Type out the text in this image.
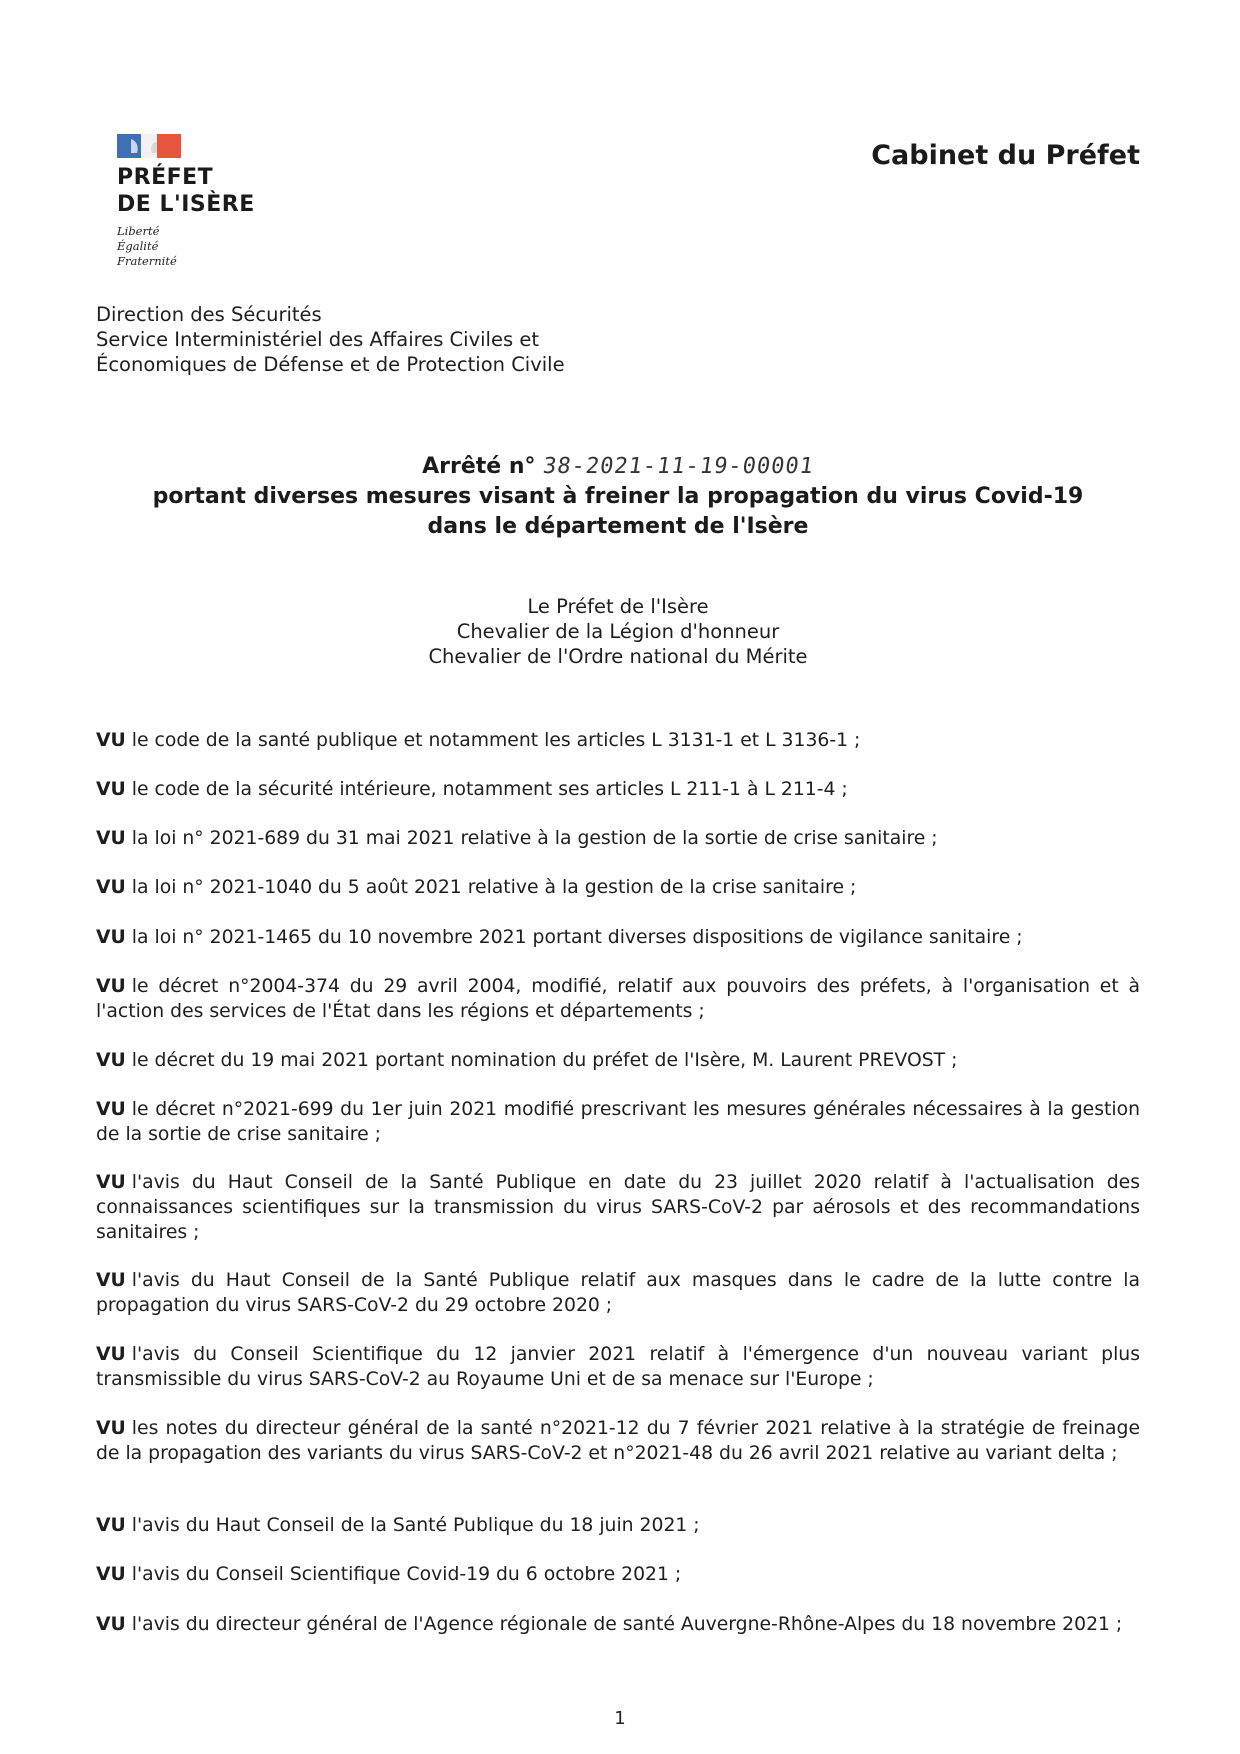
PRÉFET
DE L'ISÈRE
Liberté
Égalité
Fraternité
Cabinet du Préfet
Direction des Sécurités
Service Interministériel des Affaires Civiles et
Économiques de Défense et de Protection Civile
Arrêté n° 38-2021-11-19-00001
portant diverses mesures visant à freiner la propagation du virus Covid-19
dans le département de l'Isère
Le Préfet de l'Isère
Chevalier de la Légion d'honneur
Chevalier de l'Ordre national du Mérite
VU le code de la santé publique et notamment les articles L 3131-1 et L 3136-1 ;
VU le code de la sécurité intérieure, notamment ses articles L 211-1 à L 211-4 ;
VU la loi n° 2021-689 du 31 mai 2021 relative à la gestion de la sortie de crise sanitaire ;
VU la loi n° 2021-1040 du 5 août 2021 relative à la gestion de la crise sanitaire ;
VU la loi n° 2021-1465 du 10 novembre 2021 portant diverses dispositions de vigilance sanitaire ;
VU le décret n°2004-374 du 29 avril 2004, modifié, relatif aux pouvoirs des préfets, à l'organisation et à l'action des services de l'État dans les régions et départements ;
VU le décret du 19 mai 2021 portant nomination du préfet de l'Isère, M. Laurent PREVOST ;
VU le décret n°2021-699 du 1er juin 2021 modifié prescrivant les mesures générales nécessaires à la gestion de la sortie de crise sanitaire ;
VU l'avis du Haut Conseil de la Santé Publique en date du 23 juillet 2020 relatif à l'actualisation des connaissances scientifiques sur la transmission du virus SARS-CoV-2 par aérosols et des recommandations sanitaires ;
VU l'avis du Haut Conseil de la Santé Publique relatif aux masques dans le cadre de la lutte contre la propagation du virus SARS-CoV-2 du 29 octobre 2020 ;
VU l'avis du Conseil Scientifique du 12 janvier 2021 relatif à l'émergence d'un nouveau variant plus transmissible du virus SARS-CoV-2 au Royaume Uni et de sa menace sur l'Europe ;
VU les notes du directeur général de la santé n°2021-12 du 7 février 2021 relative à la stratégie de freinage de la propagation des variants du virus SARS-CoV-2 et n°2021-48 du 26 avril 2021 relative au variant delta ;
VU l'avis du Haut Conseil de la Santé Publique du 18 juin 2021 ;
VU l'avis du Conseil Scientifique Covid-19 du 6 octobre 2021 ;
VU l'avis du directeur général de l'Agence régionale de santé Auvergne-Rhône-Alpes du 18 novembre 2021 ;
1
